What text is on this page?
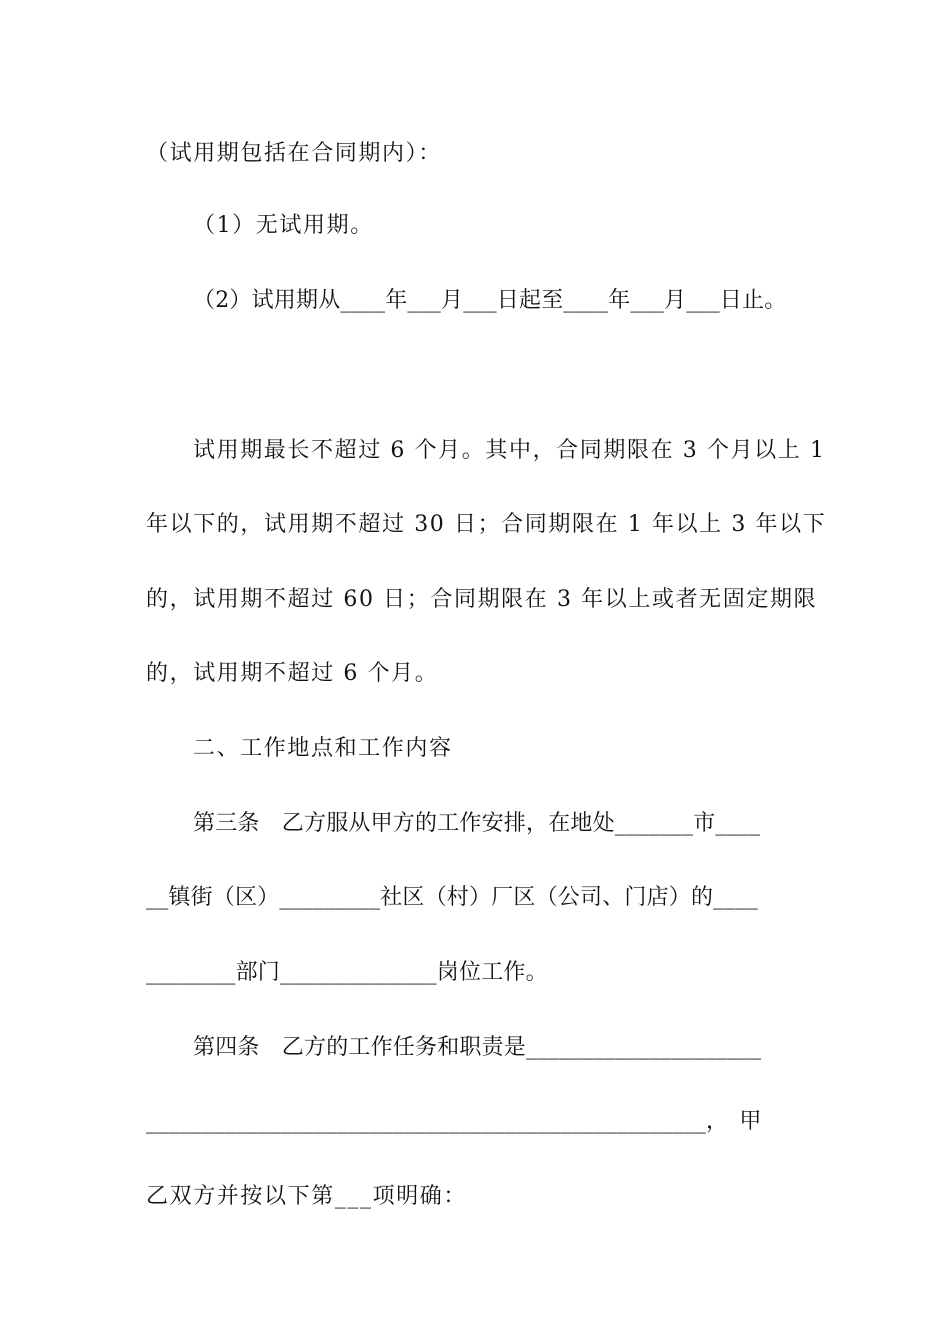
（试用期包括在合同期内）：
（1）无试用期。
（2）试用期从____年___月___日起至____年___月___日止。
试用期最长不超过 6 个月。其中，合同期限在 3 个月以上 1
年以下的，试用期不超过 30 日；合同期限在 1 年以上 3 年以下
的，试用期不超过 60 日；合同期限在 3 年以上或者无固定期限
的，试用期不超过 6 个月。
二、工作地点和工作内容
第三条　乙方服从甲方的工作安排，在地处_______市____
__镇街（区）_________社区（村）厂区（公司、门店）的____
________部门______________岗位工作。
第四条　乙方的工作任务和职责是_____________________
__________________________________________________，　甲
乙双方并按以下第___项明确：
